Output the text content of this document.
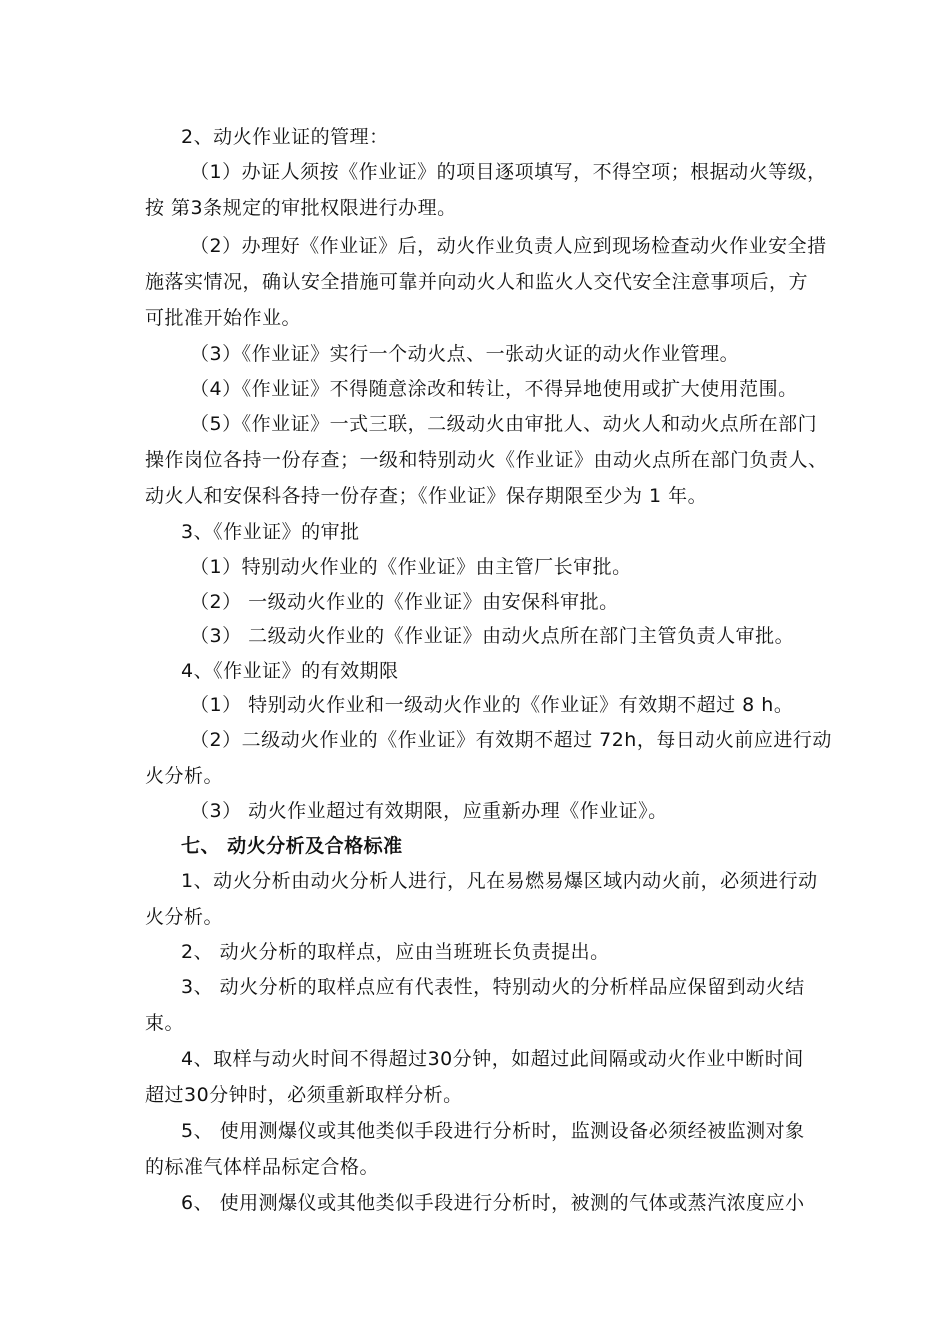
2、动火作业证的管理：
（1）办证人须按《作业证》的项目逐项填写，不得空项；根据动火等级，
按 第3条规定的审批权限进行办理。
（2）办理好《作业证》后，动火作业负责人应到现场检查动火作业安全措
施落实情况，确认安全措施可靠并向动火人和监火人交代安全注意事项后，方
可批准开始作业。
（3）《作业证》实行一个动火点、一张动火证的动火作业管理。
（4）《作业证》不得随意涂改和转让，不得异地使用或扩大使用范围。
（5）《作业证》一式三联，二级动火由审批人、动火人和动火点所在部门
操作岗位各持一份存查；一级和特别动火《作业证》由动火点所在部门负责人、
动火人和安保科各持一份存查；《作业证》保存期限至少为 1 年。
3、《作业证》的审批
（1）特别动火作业的《作业证》由主管厂长审批。
（2） 一级动火作业的《作业证》由安保科审批。
（3） 二级动火作业的《作业证》由动火点所在部门主管负责人审批。
4、《作业证》的有效期限
（1） 特别动火作业和一级动火作业的《作业证》有效期不超过 8 h。
（2）二级动火作业的《作业证》有效期不超过 72h，每日动火前应进行动
火分析。
（3） 动火作业超过有效期限，应重新办理《作业证》。
七、 动火分析及合格标准
1、动火分析由动火分析人进行，凡在易燃易爆区域内动火前，必须进行动
火分析。
2、 动火分析的取样点，应由当班班长负责提出。
3、 动火分析的取样点应有代表性，特别动火的分析样品应保留到动火结
束。
4、取样与动火时间不得超过30分钟，如超过此间隔或动火作业中断时间
超过30分钟时，必须重新取样分析。
5、 使用测爆仪或其他类似手段进行分析时，监测设备必须经被监测对象
的标准气体样品标定合格。
6、 使用测爆仪或其他类似手段进行分析时，被测的气体或蒸汽浓度应小
